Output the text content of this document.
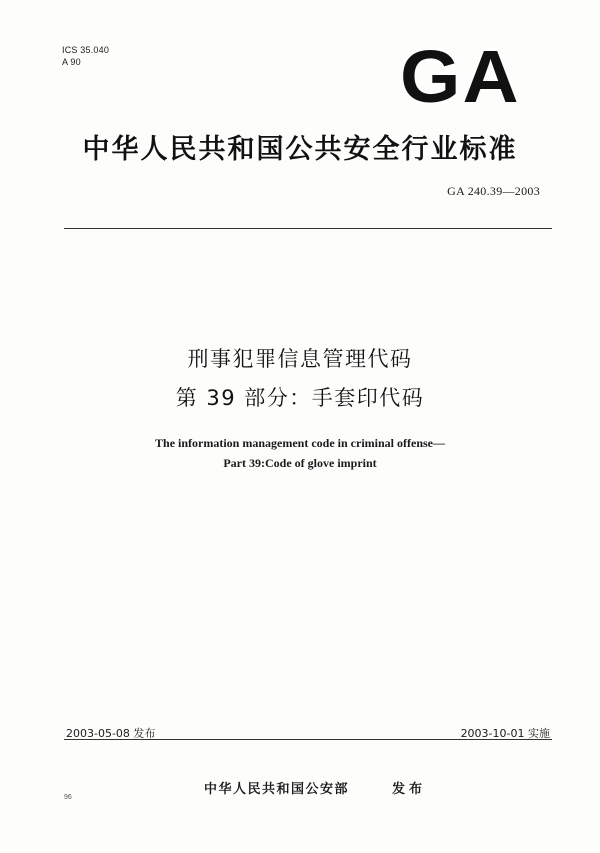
ICS 35.040
A 90	GA
中华人民共和国公共安全行业标准
GA 240.39—2003
刑事犯罪信息管理代码
第 39 部分：手套印代码
The information management code in criminal offense—
Part 39:Code of glove imprint
2003-05-08 发布	2003-10-01 实施
中华人民共和国公安部	发布
96
